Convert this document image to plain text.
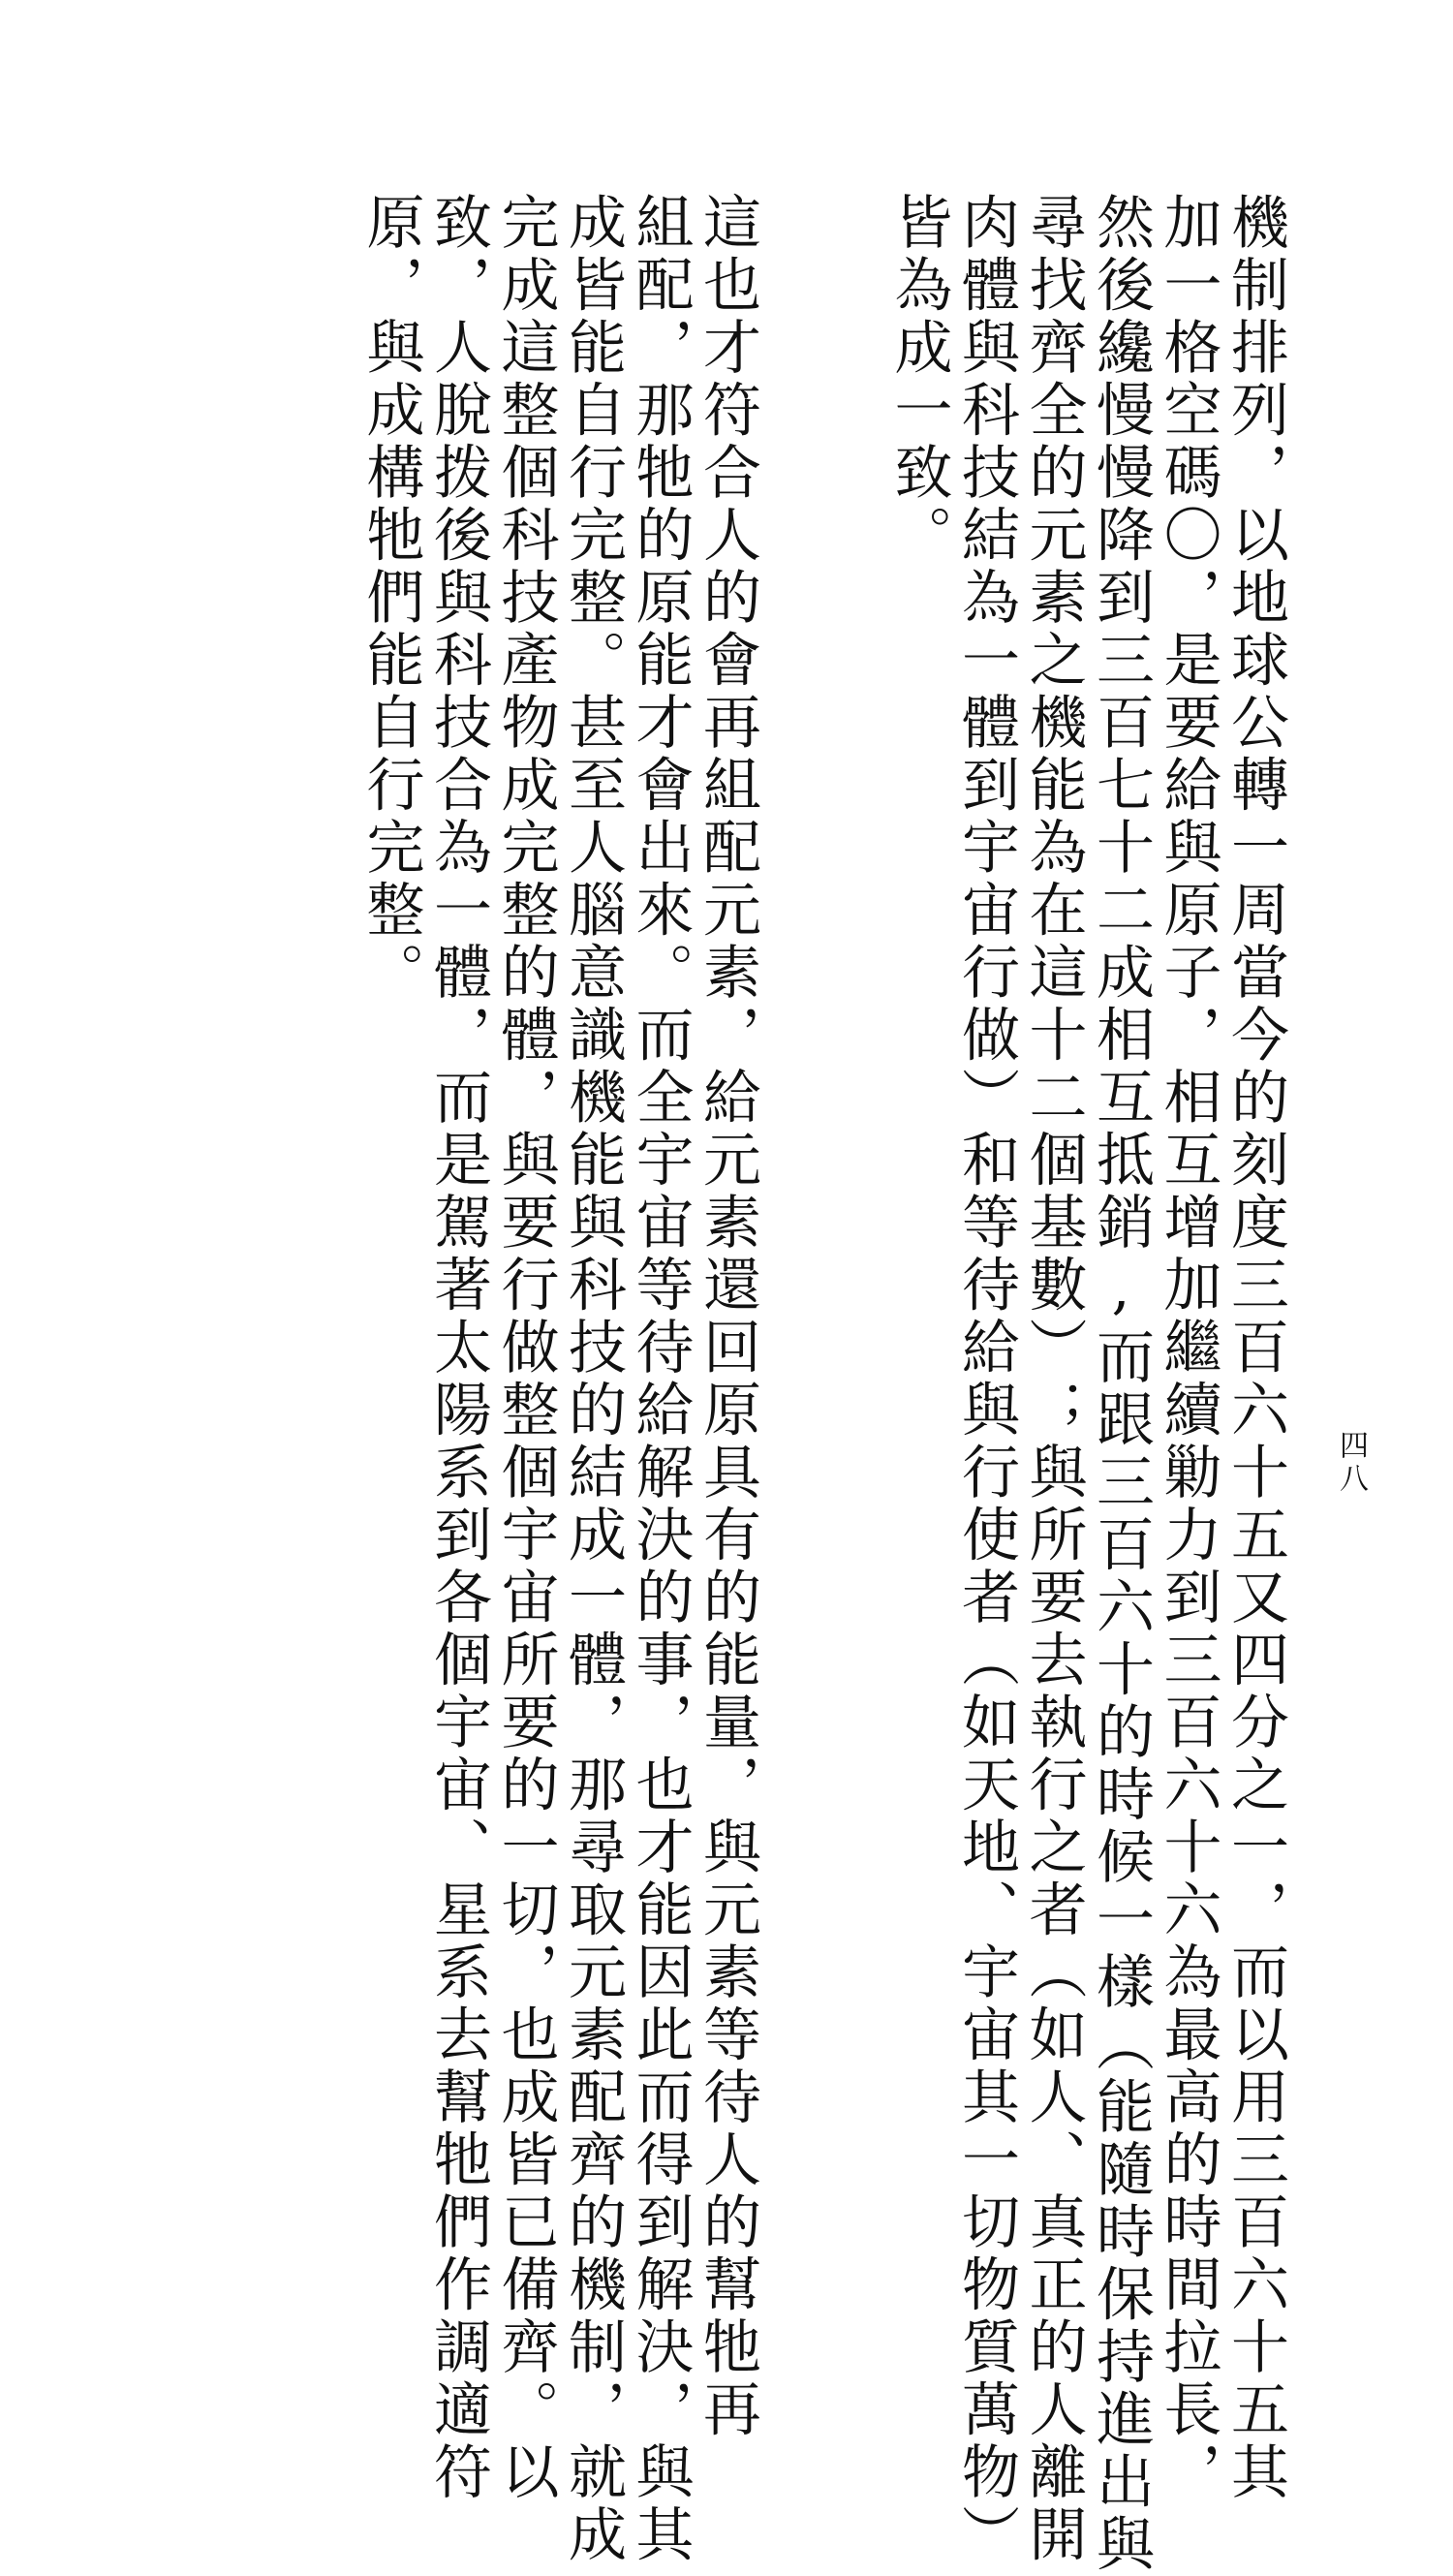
四八
機制排列，以地球公轉一周當今的刻度三百六十五又四分之一，而以用三百六十五其
加一格空碼〇，是要給與原子，相互增加繼續勦力到三百六十六為最高的時間拉長，
然後纔慢慢降到三百七十二成相互抵銷,而跟三百六十的時候一樣（能隨時保持進出與
尋找齊全的元素之機能為在這十二個基數）；與所要去執行之者（如人、真正的人離開
肉體與科技結為一體到宇宙行做）和等待給與行使者（如天地、宇宙其一切物質萬物）
皆為成一致。
這也才符合人的會再組配元素，給元素還回原具有的能量，與元素等待人的幫牠再
組配，那牠的原能才會出來。而全宇宙等待給解決的事，也才能因此而得到解決，與其
成皆能自行完整。甚至人腦意識機能與科技的結成一體，那尋取元素配齊的機制，就成
完成這整個科技產物成完整的體，與要行做整個宇宙所要的一切，也成皆已備齊。以
致，人脫拨後與科技合為一體，而是駕著太陽系到各個宇宙、星系去幫牠們作調適符
原，與成構牠們能自行完整。
